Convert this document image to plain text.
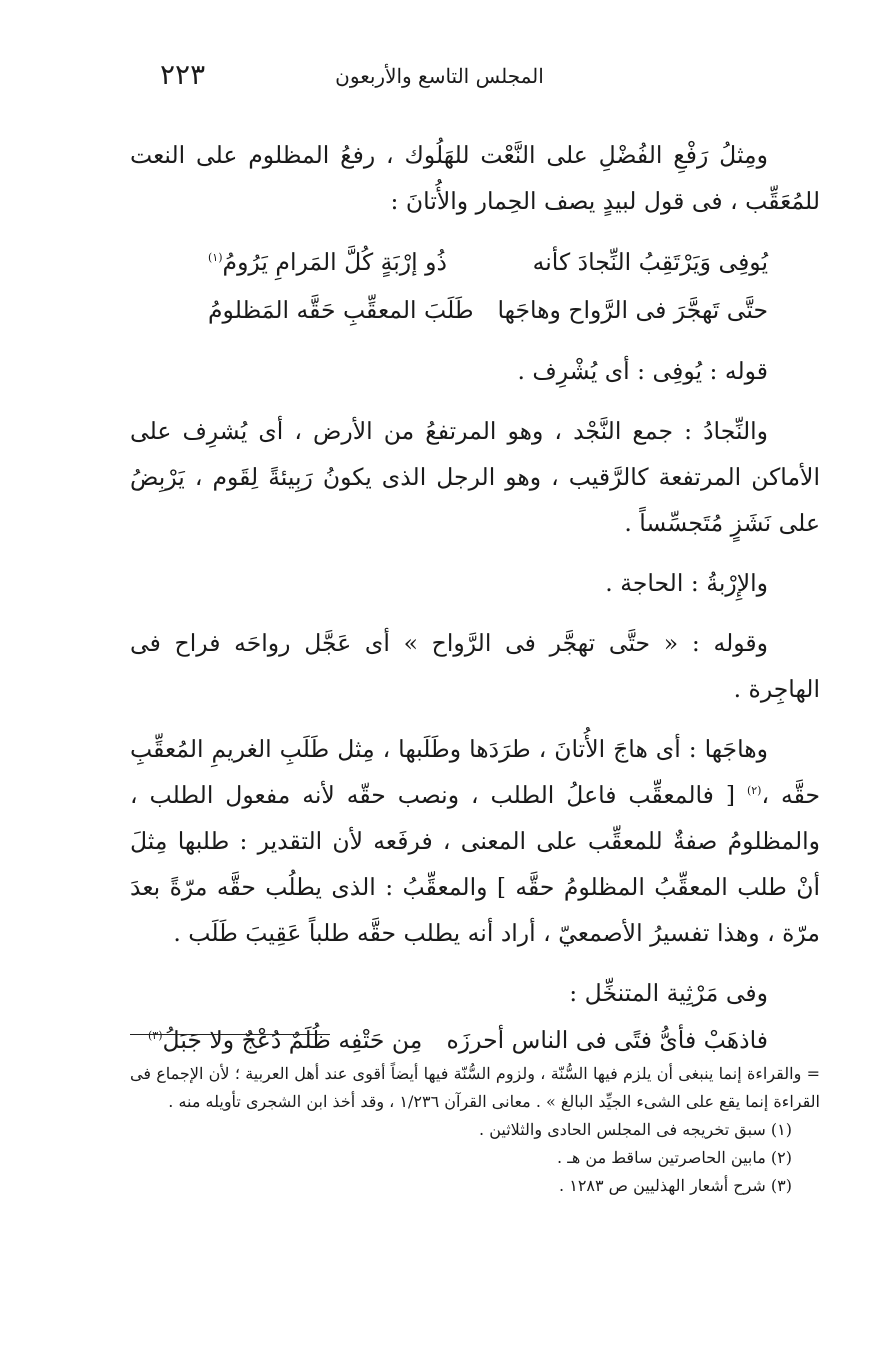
المجلس التاسع والأربعون
٢٢٣

ومِثلُ رَفْعِ الفُضْلِ على النَّعْت للهَلُوك ، رفعُ المظلوم على النعت للمُعَقِّب ، فى قول لبيدٍ يصف الحِمار والأُتانَ :

يُوفِى وَيَرْتَقِبُ النِّجادَ كأنه
ذُو إرْبَةٍ كُلَّ المَرامِ يَرُومُ$^{(١)}$
حتَّى تَهجَّرَ فى الرَّواح وهاجَها
طَلَبَ المعقِّبِ حَقَّه المَظلومُ

قوله : يُوفِى : أى يُشْرِف .

والنِّجادُ : جمع النَّجْد ، وهو المرتفعُ من الأرض ، أى يُشرِف على الأماكن المرتفعة كالرَّقيب ، وهو الرجل الذى يكونُ رَبِيئةً لِقَوم ، يَرْبِضُ على نَشَزٍ مُتَجسِّساً .

والإِرْبةُ : الحاجة .

وقوله : « حتَّى تهجَّر فى الرَّواح » أى عَجَّل رواحَه فراح فى الهاجِرة .

وهاجَها : أى هاجَ الأُتانَ ، طرَدَها وطَلَبها ، مِثل طَلَبِ الغريمِ المُعقِّبِ حقَّه ،$^{(٢)}$ [ فالمعقِّب فاعلُ الطلب ، ونصب حقّه لأنه مفعول الطلب ، والمظلومُ صفةٌ للمعقِّب على المعنى ، فرفَعه لأن التقدير : طلبها مِثلَ أنْ طلب المعقِّبُ المظلومُ حقَّه ] والمعقِّبُ : الذى يطلُب حقَّه مرّةً بعدَ مرّة ، وهذا تفسيرُ الأصمعيّ ، أراد أنه يطلب حقَّه طلباً عَقِيبَ طَلَب .

وفى مَرْثِية المتنخِّل :

فاذهَبْ فأىُّ فتًى فى الناس أحرزَه
مِن حَتْفِه ظُلَمٌ دُعْجٌ ولا جَبَلُ$^{(٣)}$

= والقراءة إنما ينبغى أن يلزم فيها السُّنّة ، ولزوم السُّنّة فيها أيضاً أقوى عند أهل العربية ؛ لأن الإجماع فى القراءة إنما يقع على الشىء الجيِّد البالغ » . معانى القرآن ١/٢٣٦ ، وقد أخذ ابن الشجرى تأويله منه .

(١) سبق تخريجه فى المجلس الحادى والثلاثين .

(٢) مابين الحاصرتين ساقط من هـ .

(٣) شرح أشعار الهذليين ص ١٢٨٣ .
